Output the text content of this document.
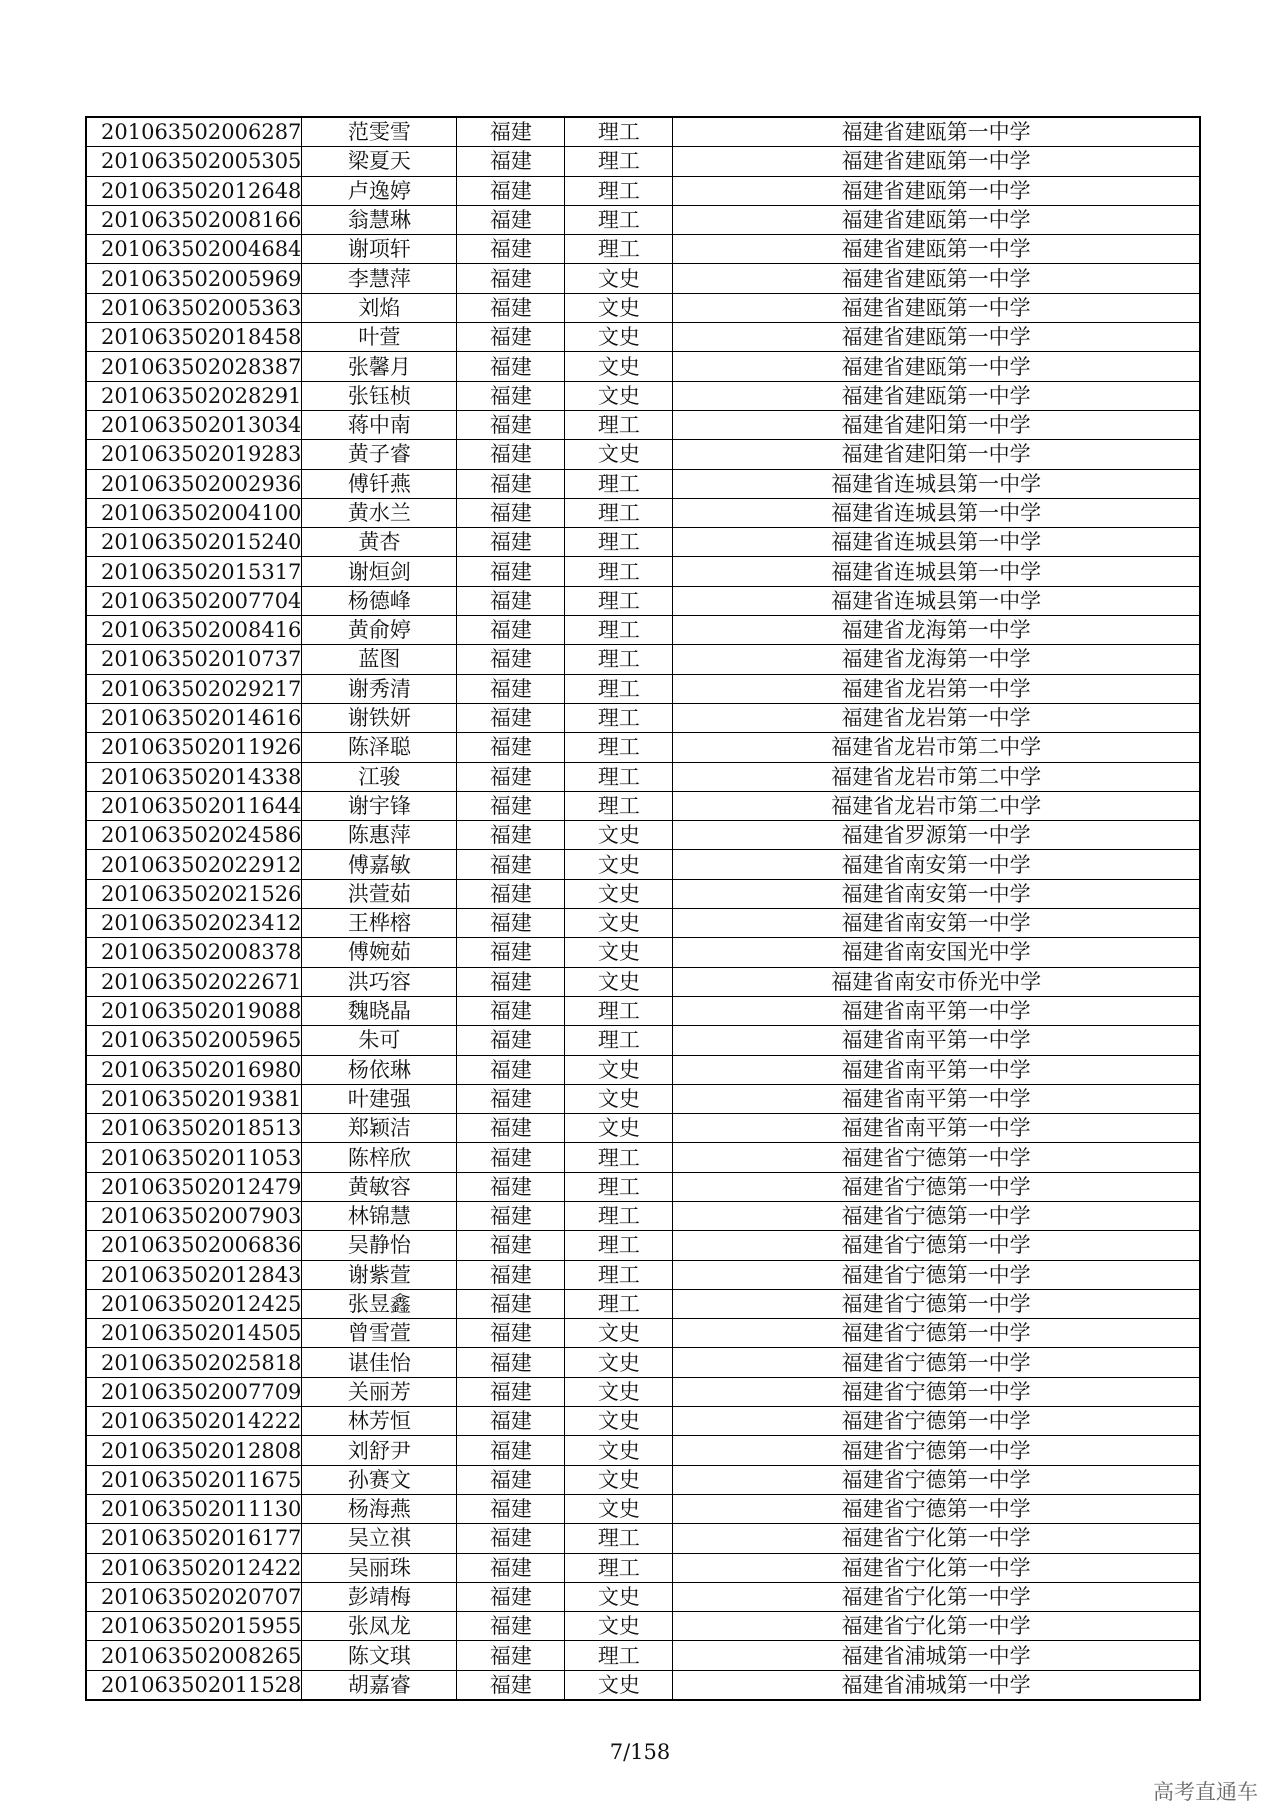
201063502006287	范雯雪	福建	理工	福建省建瓯第一中学
201063502005305	梁夏天	福建	理工	福建省建瓯第一中学
201063502012648	卢逸婷	福建	理工	福建省建瓯第一中学
201063502008166	翁慧琳	福建	理工	福建省建瓯第一中学
201063502004684	谢项轩	福建	理工	福建省建瓯第一中学
201063502005969	李慧萍	福建	文史	福建省建瓯第一中学
201063502005363	刘焰	福建	文史	福建省建瓯第一中学
201063502018458	叶萱	福建	文史	福建省建瓯第一中学
201063502028387	张馨月	福建	文史	福建省建瓯第一中学
201063502028291	张钰桢	福建	文史	福建省建瓯第一中学
201063502013034	蒋中南	福建	理工	福建省建阳第一中学
201063502019283	黄子睿	福建	文史	福建省建阳第一中学
201063502002936	傅钎燕	福建	理工	福建省连城县第一中学
201063502004100	黄水兰	福建	理工	福建省连城县第一中学
201063502015240	黄杏	福建	理工	福建省连城县第一中学
201063502015317	谢烜剑	福建	理工	福建省连城县第一中学
201063502007704	杨德峰	福建	理工	福建省连城县第一中学
201063502008416	黄俞婷	福建	理工	福建省龙海第一中学
201063502010737	蓝图	福建	理工	福建省龙海第一中学
201063502029217	谢秀清	福建	理工	福建省龙岩第一中学
201063502014616	谢铁妍	福建	理工	福建省龙岩第一中学
201063502011926	陈泽聪	福建	理工	福建省龙岩市第二中学
201063502014338	江骏	福建	理工	福建省龙岩市第二中学
201063502011644	谢宇锋	福建	理工	福建省龙岩市第二中学
201063502024586	陈惠萍	福建	文史	福建省罗源第一中学
201063502022912	傅嘉敏	福建	文史	福建省南安第一中学
201063502021526	洪萱茹	福建	文史	福建省南安第一中学
201063502023412	王桦榕	福建	文史	福建省南安第一中学
201063502008378	傅婉茹	福建	文史	福建省南安国光中学
201063502022671	洪巧容	福建	文史	福建省南安市侨光中学
201063502019088	魏晓晶	福建	理工	福建省南平第一中学
201063502005965	朱可	福建	理工	福建省南平第一中学
201063502016980	杨依琳	福建	文史	福建省南平第一中学
201063502019381	叶建强	福建	文史	福建省南平第一中学
201063502018513	郑颖洁	福建	文史	福建省南平第一中学
201063502011053	陈梓欣	福建	理工	福建省宁德第一中学
201063502012479	黄敏容	福建	理工	福建省宁德第一中学
201063502007903	林锦慧	福建	理工	福建省宁德第一中学
201063502006836	吴静怡	福建	理工	福建省宁德第一中学
201063502012843	谢紫萱	福建	理工	福建省宁德第一中学
201063502012425	张昱鑫	福建	理工	福建省宁德第一中学
201063502014505	曾雪萱	福建	文史	福建省宁德第一中学
201063502025818	谌佳怡	福建	文史	福建省宁德第一中学
201063502007709	关丽芳	福建	文史	福建省宁德第一中学
201063502014222	林芳恒	福建	文史	福建省宁德第一中学
201063502012808	刘舒尹	福建	文史	福建省宁德第一中学
201063502011675	孙赛文	福建	文史	福建省宁德第一中学
201063502011130	杨海燕	福建	文史	福建省宁德第一中学
201063502016177	吴立祺	福建	理工	福建省宁化第一中学
201063502012422	吴丽珠	福建	理工	福建省宁化第一中学
201063502020707	彭靖梅	福建	文史	福建省宁化第一中学
201063502015955	张凤龙	福建	文史	福建省宁化第一中学
201063502008265	陈文琪	福建	理工	福建省浦城第一中学
201063502011528	胡嘉睿	福建	文史	福建省浦城第一中学
7/158
高考直通车
